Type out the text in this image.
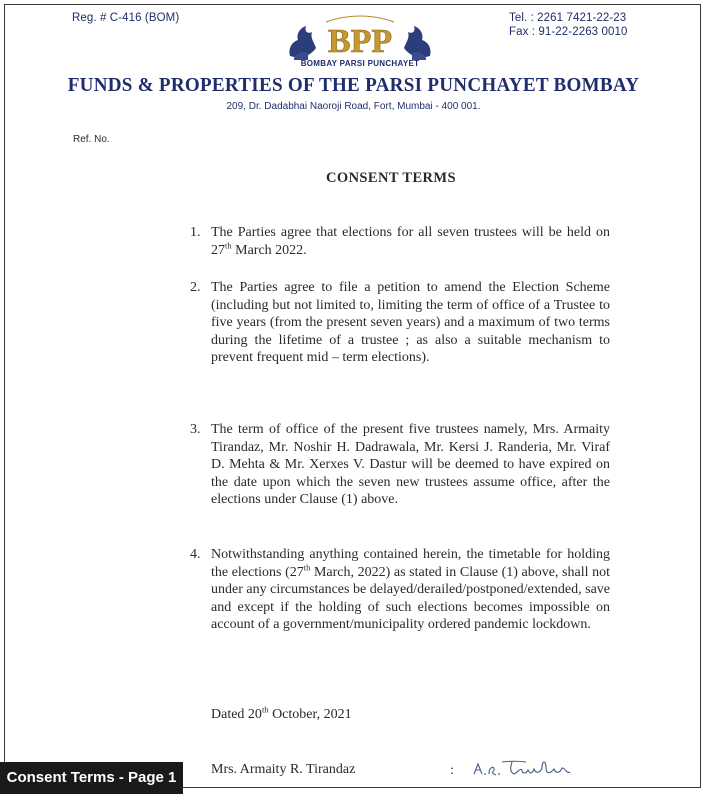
Reg. # C-416 (BOM)	Tel. : 2261 7421-22-23
Fax : 91-22-2263 0010
BPP
BOMBAY PARSI PUNCHAYET
FUNDS & PROPERTIES OF THE PARSI PUNCHAYET BOMBAY
209, Dr. Dadabhai Naoroji Road, Fort, Mumbai - 400 001.
Ref. No.
CONSENT TERMS
1. The Parties agree that elections for all seven trustees will be held on 27th March 2022.
2. The Parties agree to file a petition to amend the Election Scheme (including but not limited to, limiting the term of office of a Trustee to five years (from the present seven years) and a maximum of two terms during the lifetime of a trustee ; as also a suitable mechanism to prevent frequent mid – term elections).
3. The term of office of the present five trustees namely, Mrs. Armaity Tirandaz, Mr. Noshir H. Dadrawala, Mr. Kersi J. Randeria, Mr. Viraf D. Mehta & Mr. Xerxes V. Dastur will be deemed to have expired on the date upon which the seven new trustees assume office, after the elections under Clause (1) above.
4. Notwithstanding anything contained herein, the timetable for holding the elections (27th March, 2022) as stated in Clause (1) above, shall not under any circumstances be delayed/derailed/postponed/extended, save and except if the holding of such elections becomes impossible on account of a government/municipality ordered pandemic lockdown.
Dated 20th October, 2021
Mrs. Armaity R. Tirandaz	:
Consent Terms - Page 1
